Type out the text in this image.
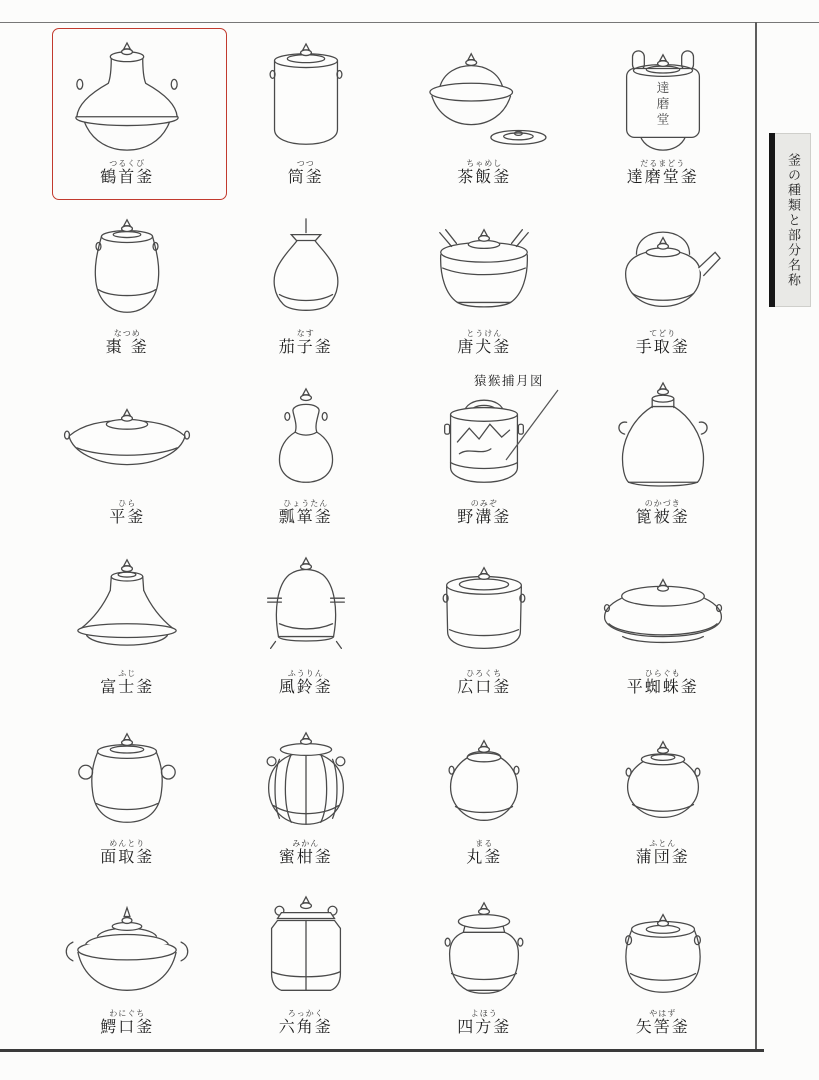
釜の種類と部分名称
つるくび
鶴首釜
つつ
筒釜
ちゃめし
茶飯釜
達
磨
堂
だるまどう
達磨堂釜
なつめ
棗 釜
なす
茄子釜
とうけん
唐犬釜
てどり
手取釜
ひら
平釜
ひょうたん
瓢箪釜
のみぞ
野溝釜
のかづき
篦被釜
ふじ
富士釜
ふうりん
風鈴釜
ひろくち
広口釜
ひらぐも
平蜘蛛釜
めんとり
面取釜
みかん
蜜柑釜
まる
丸釜
ふとん
蒲団釜
わにぐち
鰐口釜
ろっかく
六角釜
よほう
四方釜
やはず
矢筈釜
猿猴捕月図
